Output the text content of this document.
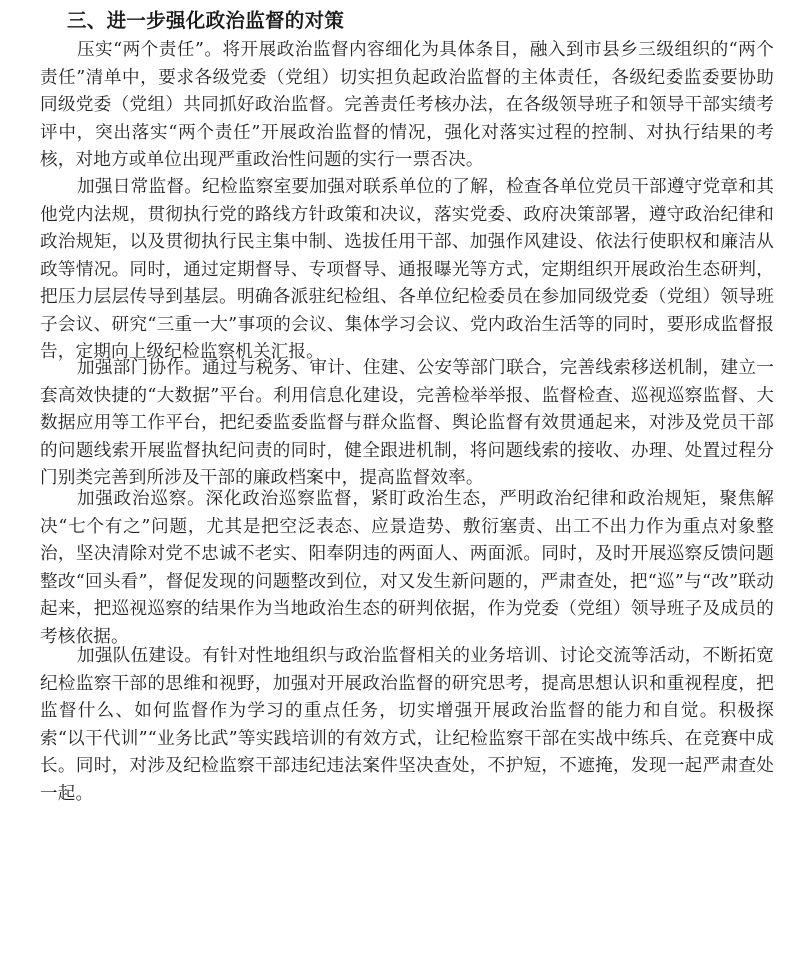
三、进一步强化政治监督的对策

压实“两个责任”。将开展政治监督内容细化为具体条目，融入到市县乡三级组织的“两个责任”清单中，要求各级党委（党组）切实担负起政治监督的主体责任，各级纪委监委要协助同级党委（党组）共同抓好政治监督。完善责任考核办法，在各级领导班子和领导干部实绩考评中，突出落实“两个责任”开展政治监督的情况，强化对落实过程的控制、对执行结果的考核，对地方或单位出现严重政治性问题的实行一票否决。

加强日常监督。纪检监察室要加强对联系单位的了解，检查各单位党员干部遵守党章和其他党内法规，贯彻执行党的路线方针政策和决议，落实党委、政府决策部署，遵守政治纪律和政治规矩，以及贯彻执行民主集中制、选拔任用干部、加强作风建设、依法行使职权和廉洁从政等情况。同时，通过定期督导、专项督导、通报曝光等方式，定期组织开展政治生态研判，把压力层层传导到基层。明确各派驻纪检组、各单位纪检委员在参加同级党委（党组）领导班子会议、研究“三重一大”事项的会议、集体学习会议、党内政治生活等的同时，要形成监督报告，定期向上级纪检监察机关汇报。

加强部门协作。通过与税务、审计、住建、公安等部门联合，完善线索移送机制，建立一套高效快捷的“大数据”平台。利用信息化建设，完善检举举报、监督检查、巡视巡察监督、大数据应用等工作平台，把纪委监委监督与群众监督、舆论监督有效贯通起来，对涉及党员干部的问题线索开展监督执纪问责的同时，健全跟进机制，将问题线索的接收、办理、处置过程分门别类完善到所涉及干部的廉政档案中，提高监督效率。

加强政治巡察。深化政治巡察监督，紧盯政治生态，严明政治纪律和政治规矩，聚焦解决“七个有之”问题，尤其是把空泛表态、应景造势、敷衍塞责、出工不出力作为重点对象整治，坚决清除对党不忠诚不老实、阳奉阴违的两面人、两面派。同时，及时开展巡察反馈问题整改“回头看”，督促发现的问题整改到位，对又发生新问题的，严肃查处，把“巡”与“改”联动起来，把巡视巡察的结果作为当地政治生态的研判依据，作为党委（党组）领导班子及成员的考核依据。

加强队伍建设。有针对性地组织与政治监督相关的业务培训、讨论交流等活动，不断拓宽纪检监察干部的思维和视野，加强对开展政治监督的研究思考，提高思想认识和重视程度，把监督什么、如何监督作为学习的重点任务，切实增强开展政治监督的能力和自觉。积极探索“以干代训”“业务比武”等实践培训的有效方式，让纪检监察干部在实战中练兵、在竞赛中成长。同时，对涉及纪检监察干部违纪违法案件坚决查处，不护短，不遮掩，发现一起严肃查处一起。
